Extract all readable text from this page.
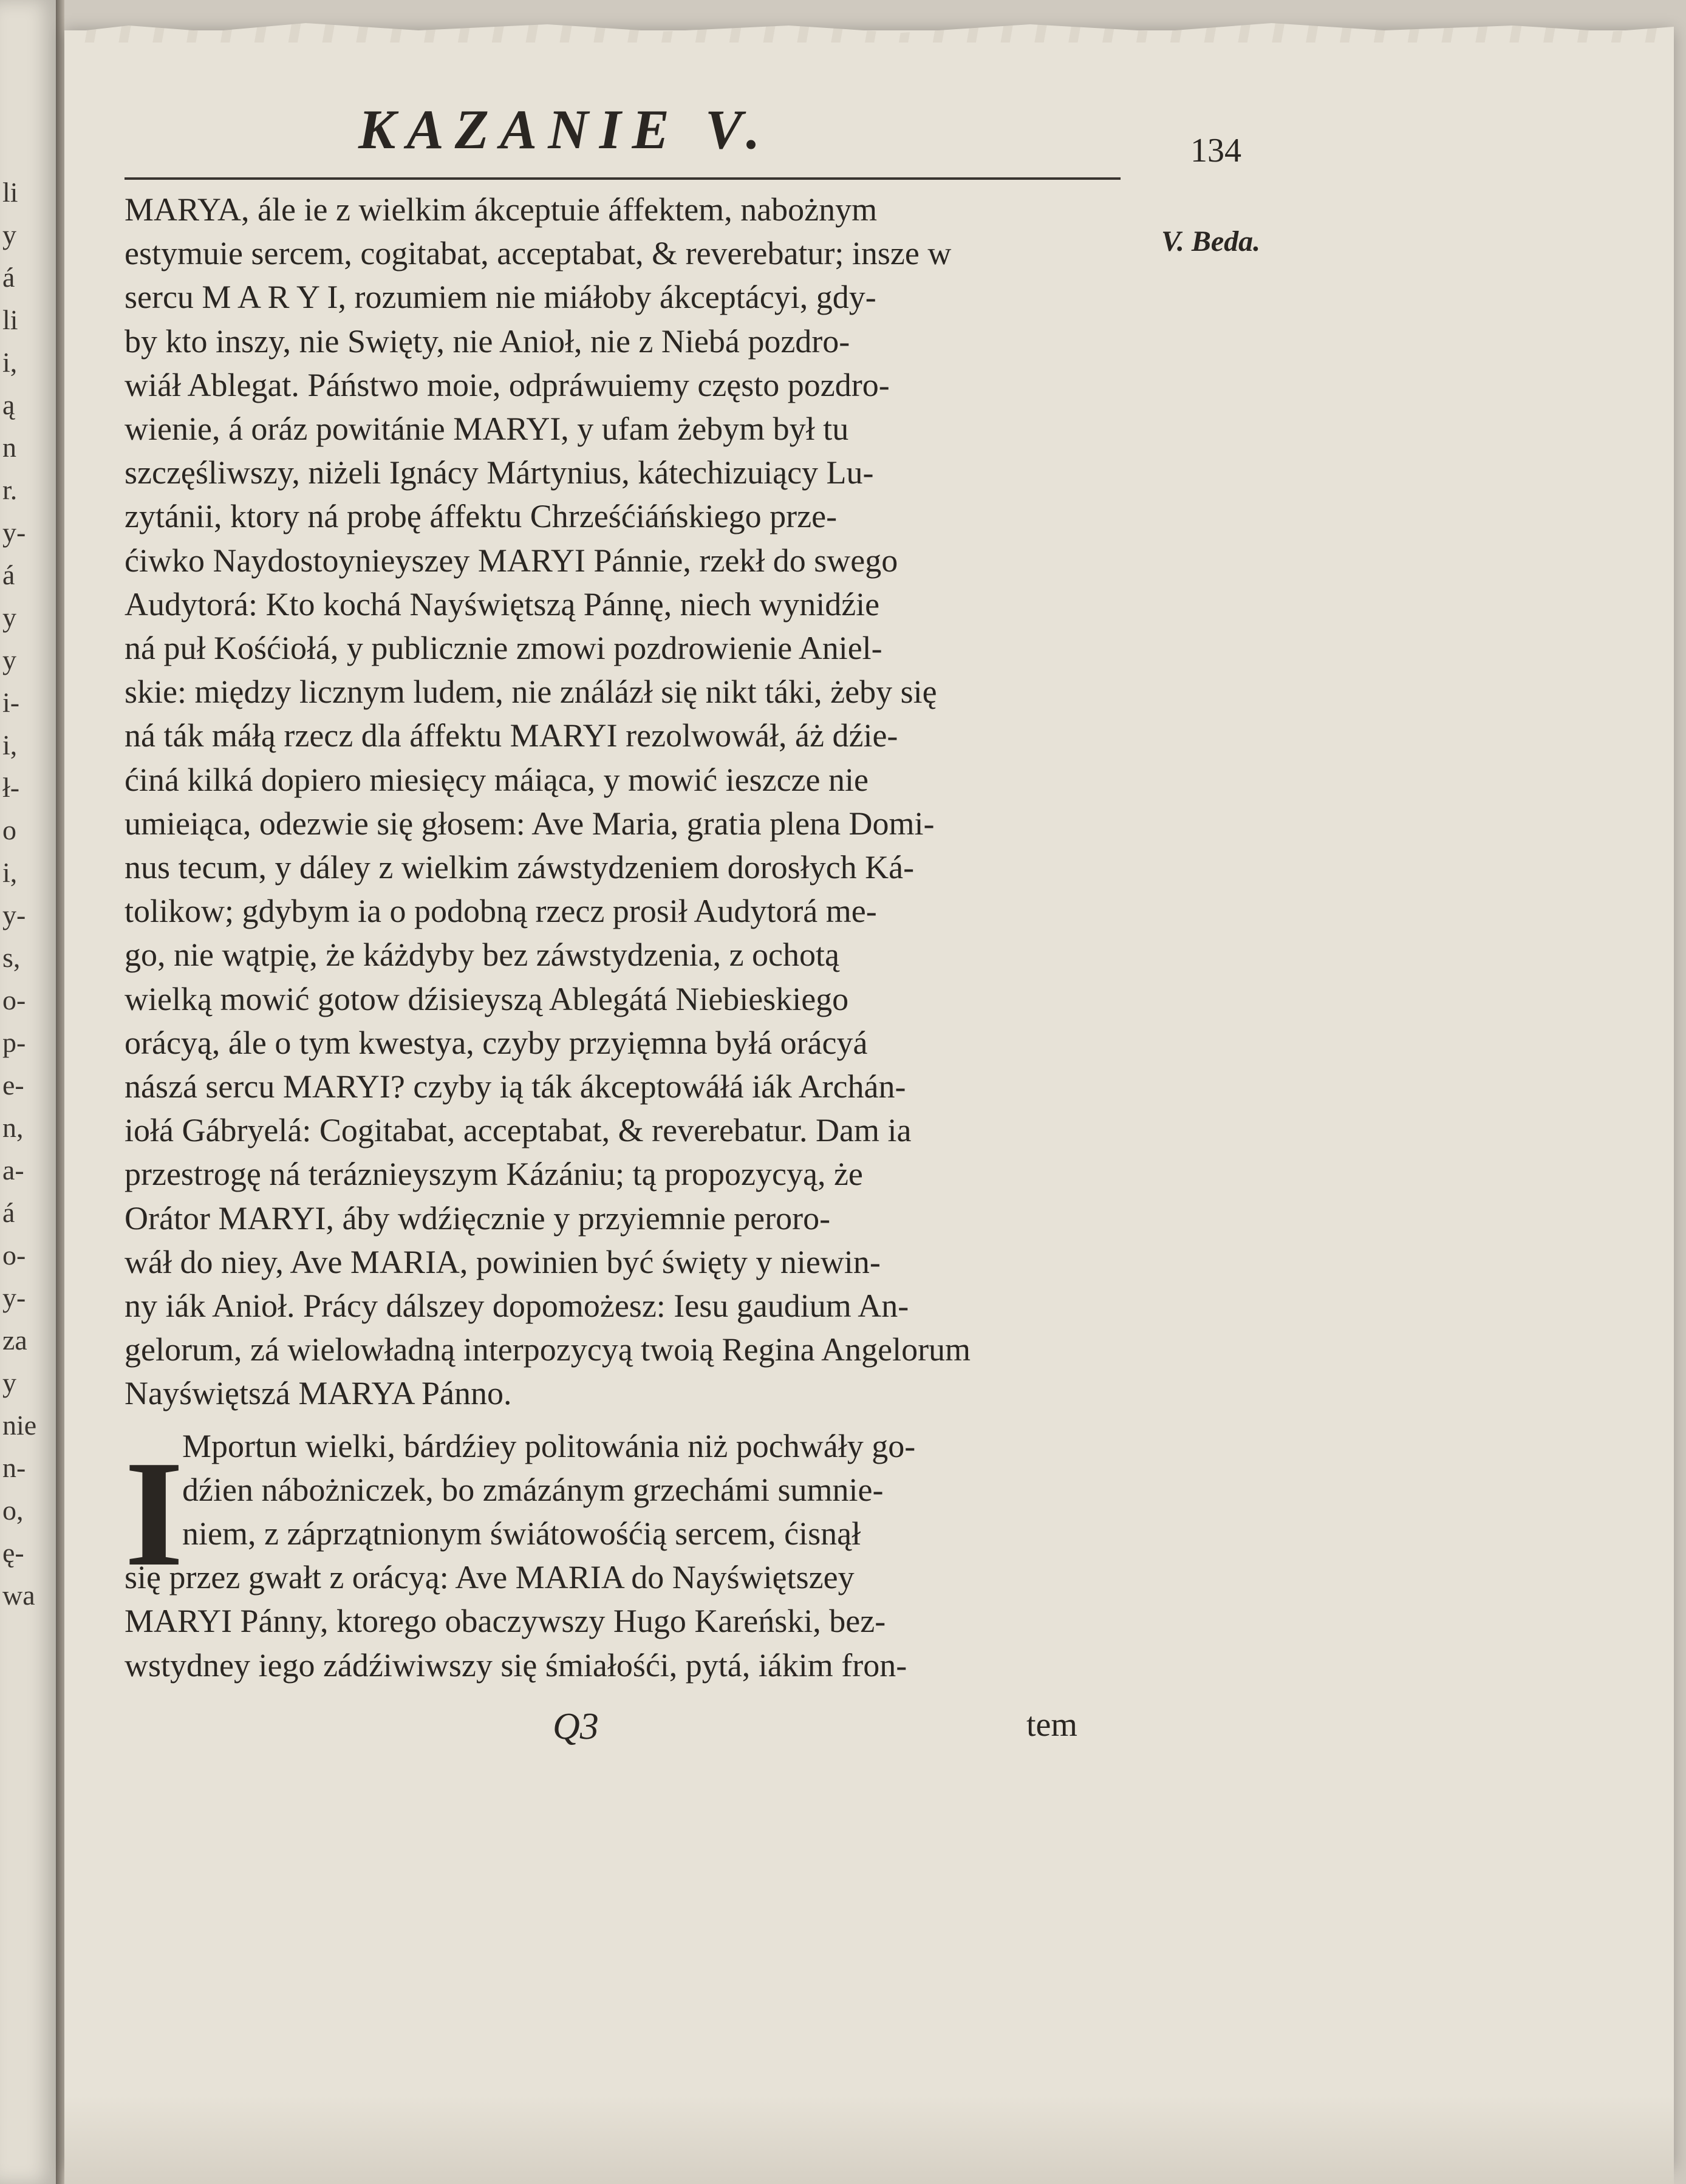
li
y
á
li
i,
ą
n
r.
y-
á
y
y
i-
i,
ł-
o
i,
y-
s,
o-
p-
e-
n,
a-
á
o-
y-
za
y
nie
n-
o,
ę-
wa
KAZANIE V.	134
V. Beda.
MARYA, ále ie z wielkim ákceptuie áffektem, nabożnym
estymuie sercem, cogitabat, acceptabat, & reverebatur; insze w
sercu M A R Y I, rozumiem nie miáłoby ákceptácyi, gdy-
by kto inszy, nie Swięty, nie Anioł, nie z Niebá pozdro-
wiáł Ablegat. Páństwo moie, odpráwuiemy często pozdro-
wienie, á oráz powitánie MARYI, y ufam żebym był tu
szczęśliwszy, niżeli Ignácy Mártynius, kátechizuiący Lu-
zytánii, ktory ná probę áffektu Chrześćiáńskiego prze-
ćiwko Naydostoynieyszey MARYI Pánnie, rzekł do swego
Audytorá: Kto kochá Nayświętszą Pánnę, niech wynidźie
ná puł Kośćiołá, y publicznie zmowi pozdrowienie Aniel-
skie: między licznym ludem, nie ználázł się nikt táki, żeby się
ná ták máłą rzecz dla áffektu MARYI rezolwowáł, áż dźie-
ćiná kilká dopiero miesięcy máiąca, y mowić ieszcze nie
umieiąca, odezwie się głosem: Ave Maria, gratia plena Domi-
nus tecum, y dáley z wielkim záwstydzeniem dorosłych Ká-
tolikow; gdybym ia o podobną rzecz prosił Audytorá me-
go, nie wątpię, że káżdyby bez záwstydzenia, z ochotą
wielką mowić gotow dźisieyszą Ablegátá Niebieskiego
orácyą, ále o tym kwestya, czyby przyięmna byłá orácyá
nászá sercu MARYI? czyby ią ták ákceptowáłá iák Archán-
iołá Gábryelá: Cogitabat, acceptabat, & reverebatur. Dam ia
przestrogę ná teráznieyszym Kázániu; tą propozycyą, że
Orátor MARYI, áby wdźięcznie y przyiemnie peroro-
wáł do niey, Ave MARIA, powinien być święty y niewin-
ny iák Anioł. Prácy dálszey dopomożesz: Iesu gaudium An-
gelorum, zá wielowładną interpozycyą twoią Regina Angelorum
Nayświętszá MARYA Pánno.
Mportun wielki, bárdźiey politowánia niż pochwáły go-
dźien nábożniczek, bo zmázánym grzechámi sumnie-
niem, z záprzątnionym świátowośćią sercem, ćisnął
się przez gwałt z orácyą: Ave MARIA do Nayświętszey
MARYI Pánny, ktorego obaczywszy Hugo Kareński, bez-
wstydney iego zádźiwiwszy się śmiałośći, pytá, iákim fron-
I
Q3	tem
